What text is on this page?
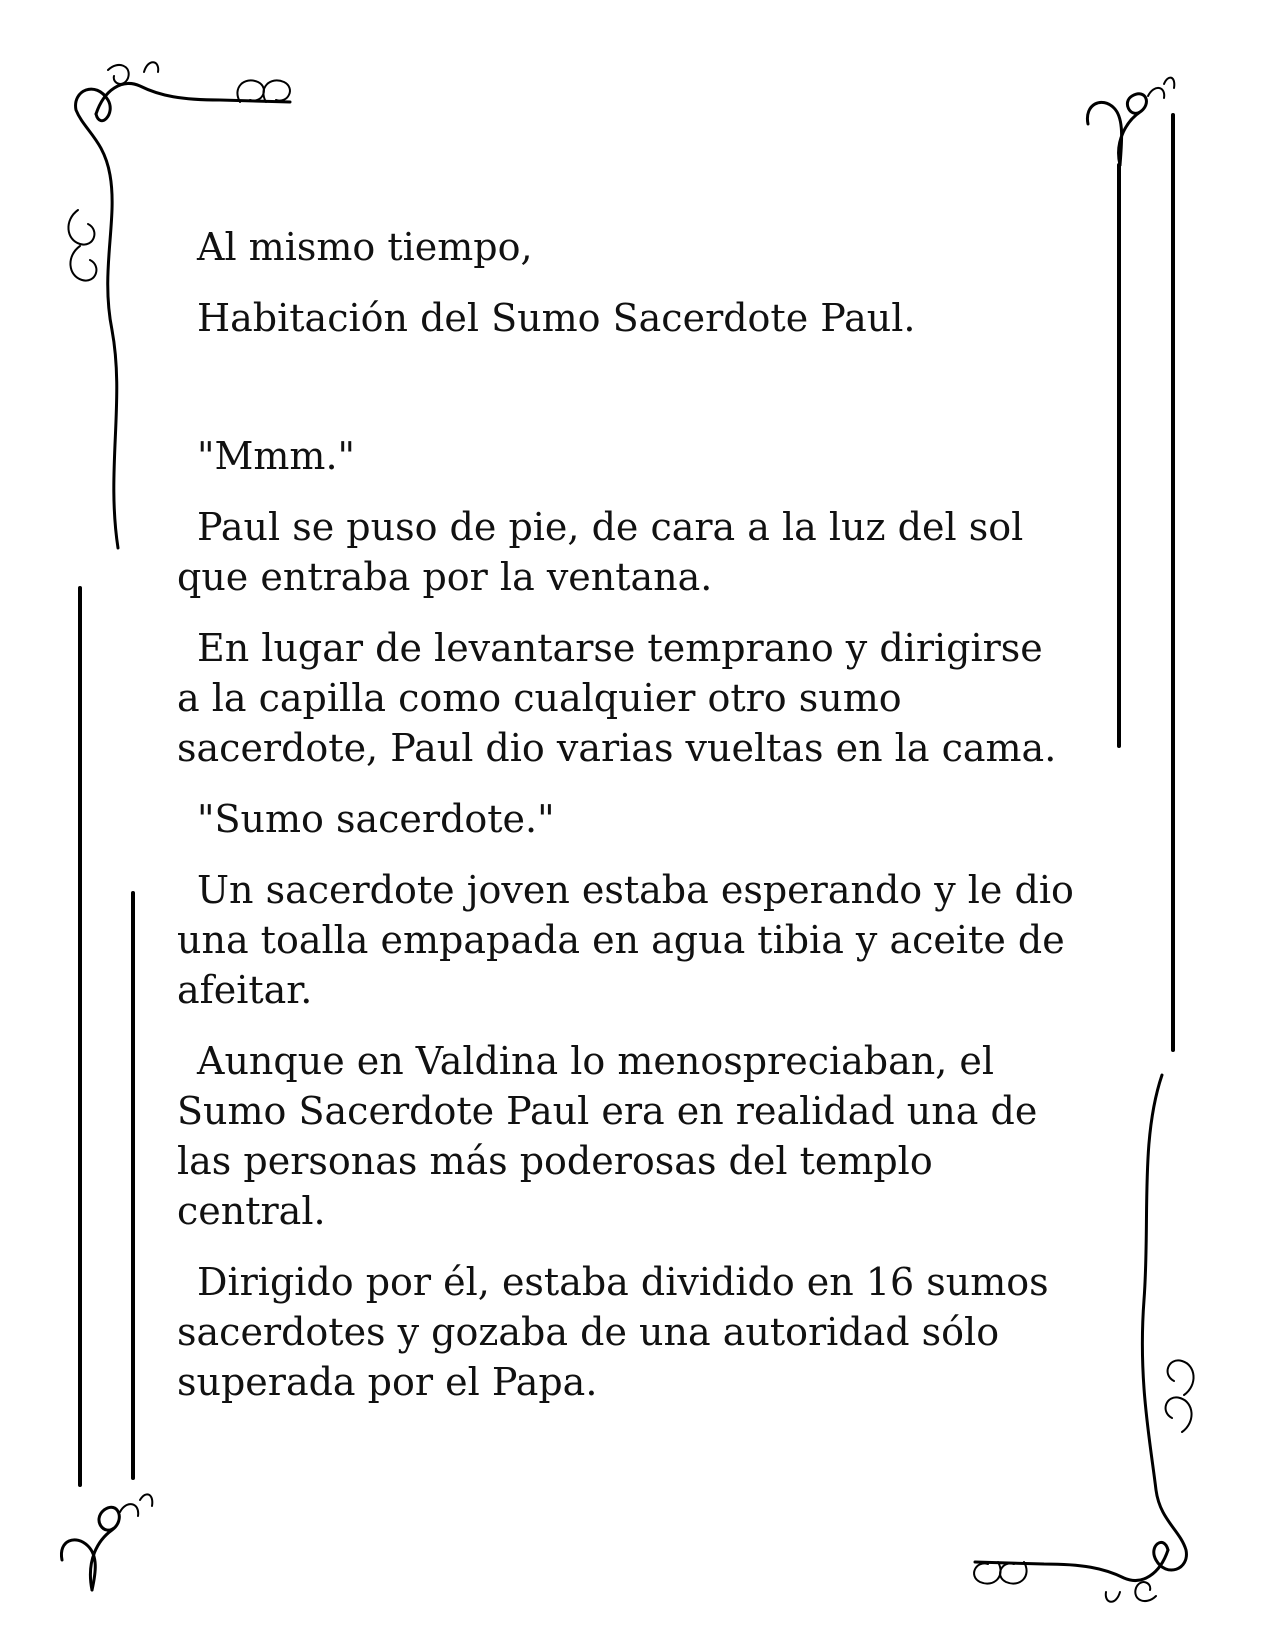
Al mismo tiempo,

Habitación del Sumo Sacerdote Paul.

"Mmm."

Paul se puso de pie, de cara a la luz del sol que entraba por la ventana.

En lugar de levantarse temprano y dirigirse a la capilla como cualquier otro sumo sacerdote, Paul dio varias vueltas en la cama.

"Sumo sacerdote."

Un sacerdote joven estaba esperando y le dio una toalla empapada en agua tibia y aceite de afeitar.

Aunque en Valdina lo menospreciaban, el Sumo Sacerdote Paul era en realidad una de las personas más poderosas del templo central.

Dirigido por él, estaba dividido en 16 sumos sacerdotes y gozaba de una autoridad sólo superada por el Papa.
